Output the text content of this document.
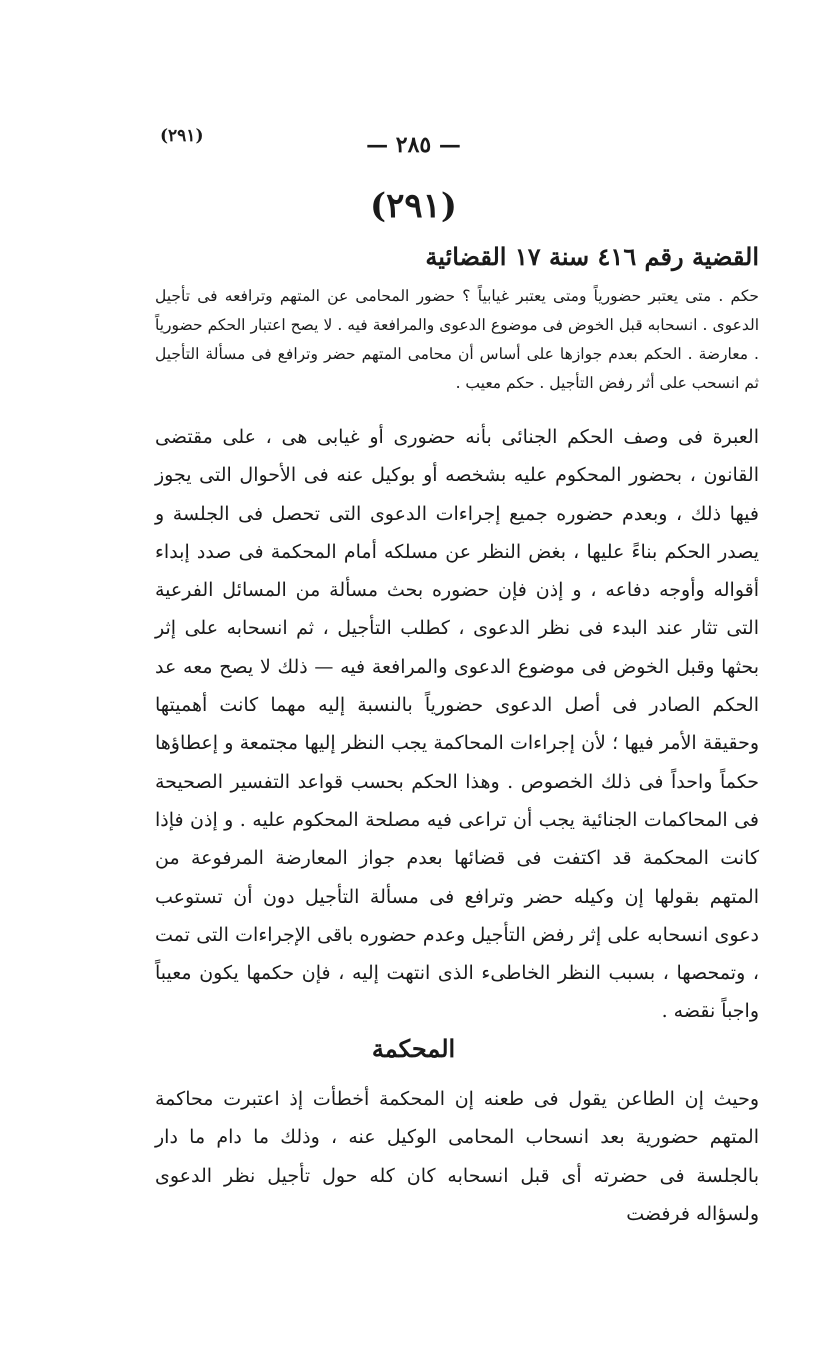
(٢٩١)	— ٢٨٥ —
(٢٩١)
القضية رقم ٤١٦ سنة ١٧ القضائية

حكم . متى يعتبر حضورياً ومتى يعتبر غيابياً ؟ حضور المحامى عن المتهم وترافعه فى تأجيل الدعوى . انسحابه قبل الخوض فى موضوع الدعوى والمرافعة فيه . لا يصح اعتبار الحكم حضورياً . معارضة . الحكم بعدم جوازها على أساس أن محامى المتهم حضر وترافع فى مسألة التأجيل ثم انسحب على أثر رفض التأجيل . حكم معيب .

العبرة فى وصف الحكم الجنائى بأنه حضورى أو غيابى هى ، على مقتضى القانون ، بحضور المحكوم عليه بشخصه أو بوكيل عنه فى الأحوال التى يجوز فيها ذلك ، وبعدم حضوره جميع إجراءات الدعوى التى تحصل فى الجلسة و يصدر الحكم بناءً عليها ، بغض النظر عن مسلكه أمام المحكمة فى صدد إبداء أقواله وأوجه دفاعه ، و إذن فإن حضوره بحث مسألة من المسائل الفرعية التى تثار عند البدء فى نظر الدعوى ، كطلب التأجيل ، ثم انسحابه على إثر بحثها وقبل الخوض فى موضوع الدعوى والمرافعة فيه — ذلك لا يصح معه عد الحكم الصادر فى أصل الدعوى حضورياً بالنسبة إليه مهما كانت أهميتها وحقيقة الأمر فيها ؛ لأن إجراءات المحاكمة يجب النظر إليها مجتمعة و إعطاؤها حكماً واحداً فى ذلك الخصوص . وهذا الحكم بحسب قواعد التفسير الصحيحة فى المحاكمات الجنائية يجب أن تراعى فيه مصلحة المحكوم عليه . و إذن فإذا كانت المحكمة قد اكتفت فى قضائها بعدم جواز المعارضة المرفوعة من المتهم بقولها إن وكيله حضر وترافع فى مسألة التأجيل دون أن تستوعب دعوى انسحابه على إثر رفض التأجيل وعدم حضوره باقى الإجراءات التى تمت ، وتمحصها ، بسبب النظر الخاطىء الذى انتهت إليه ، فإن حكمها يكون معيباً واجباً نقضه .

المحكمة

وحيث إن الطاعن يقول فى طعنه إن المحكمة أخطأت إذ اعتبرت محاكمة المتهم حضورية بعد انسحاب المحامى الوكيل عنه ، وذلك ما دام ما دار بالجلسة فى حضرته أى قبل انسحابه كان كله حول تأجيل نظر الدعوى ولسؤاله فرفضت
